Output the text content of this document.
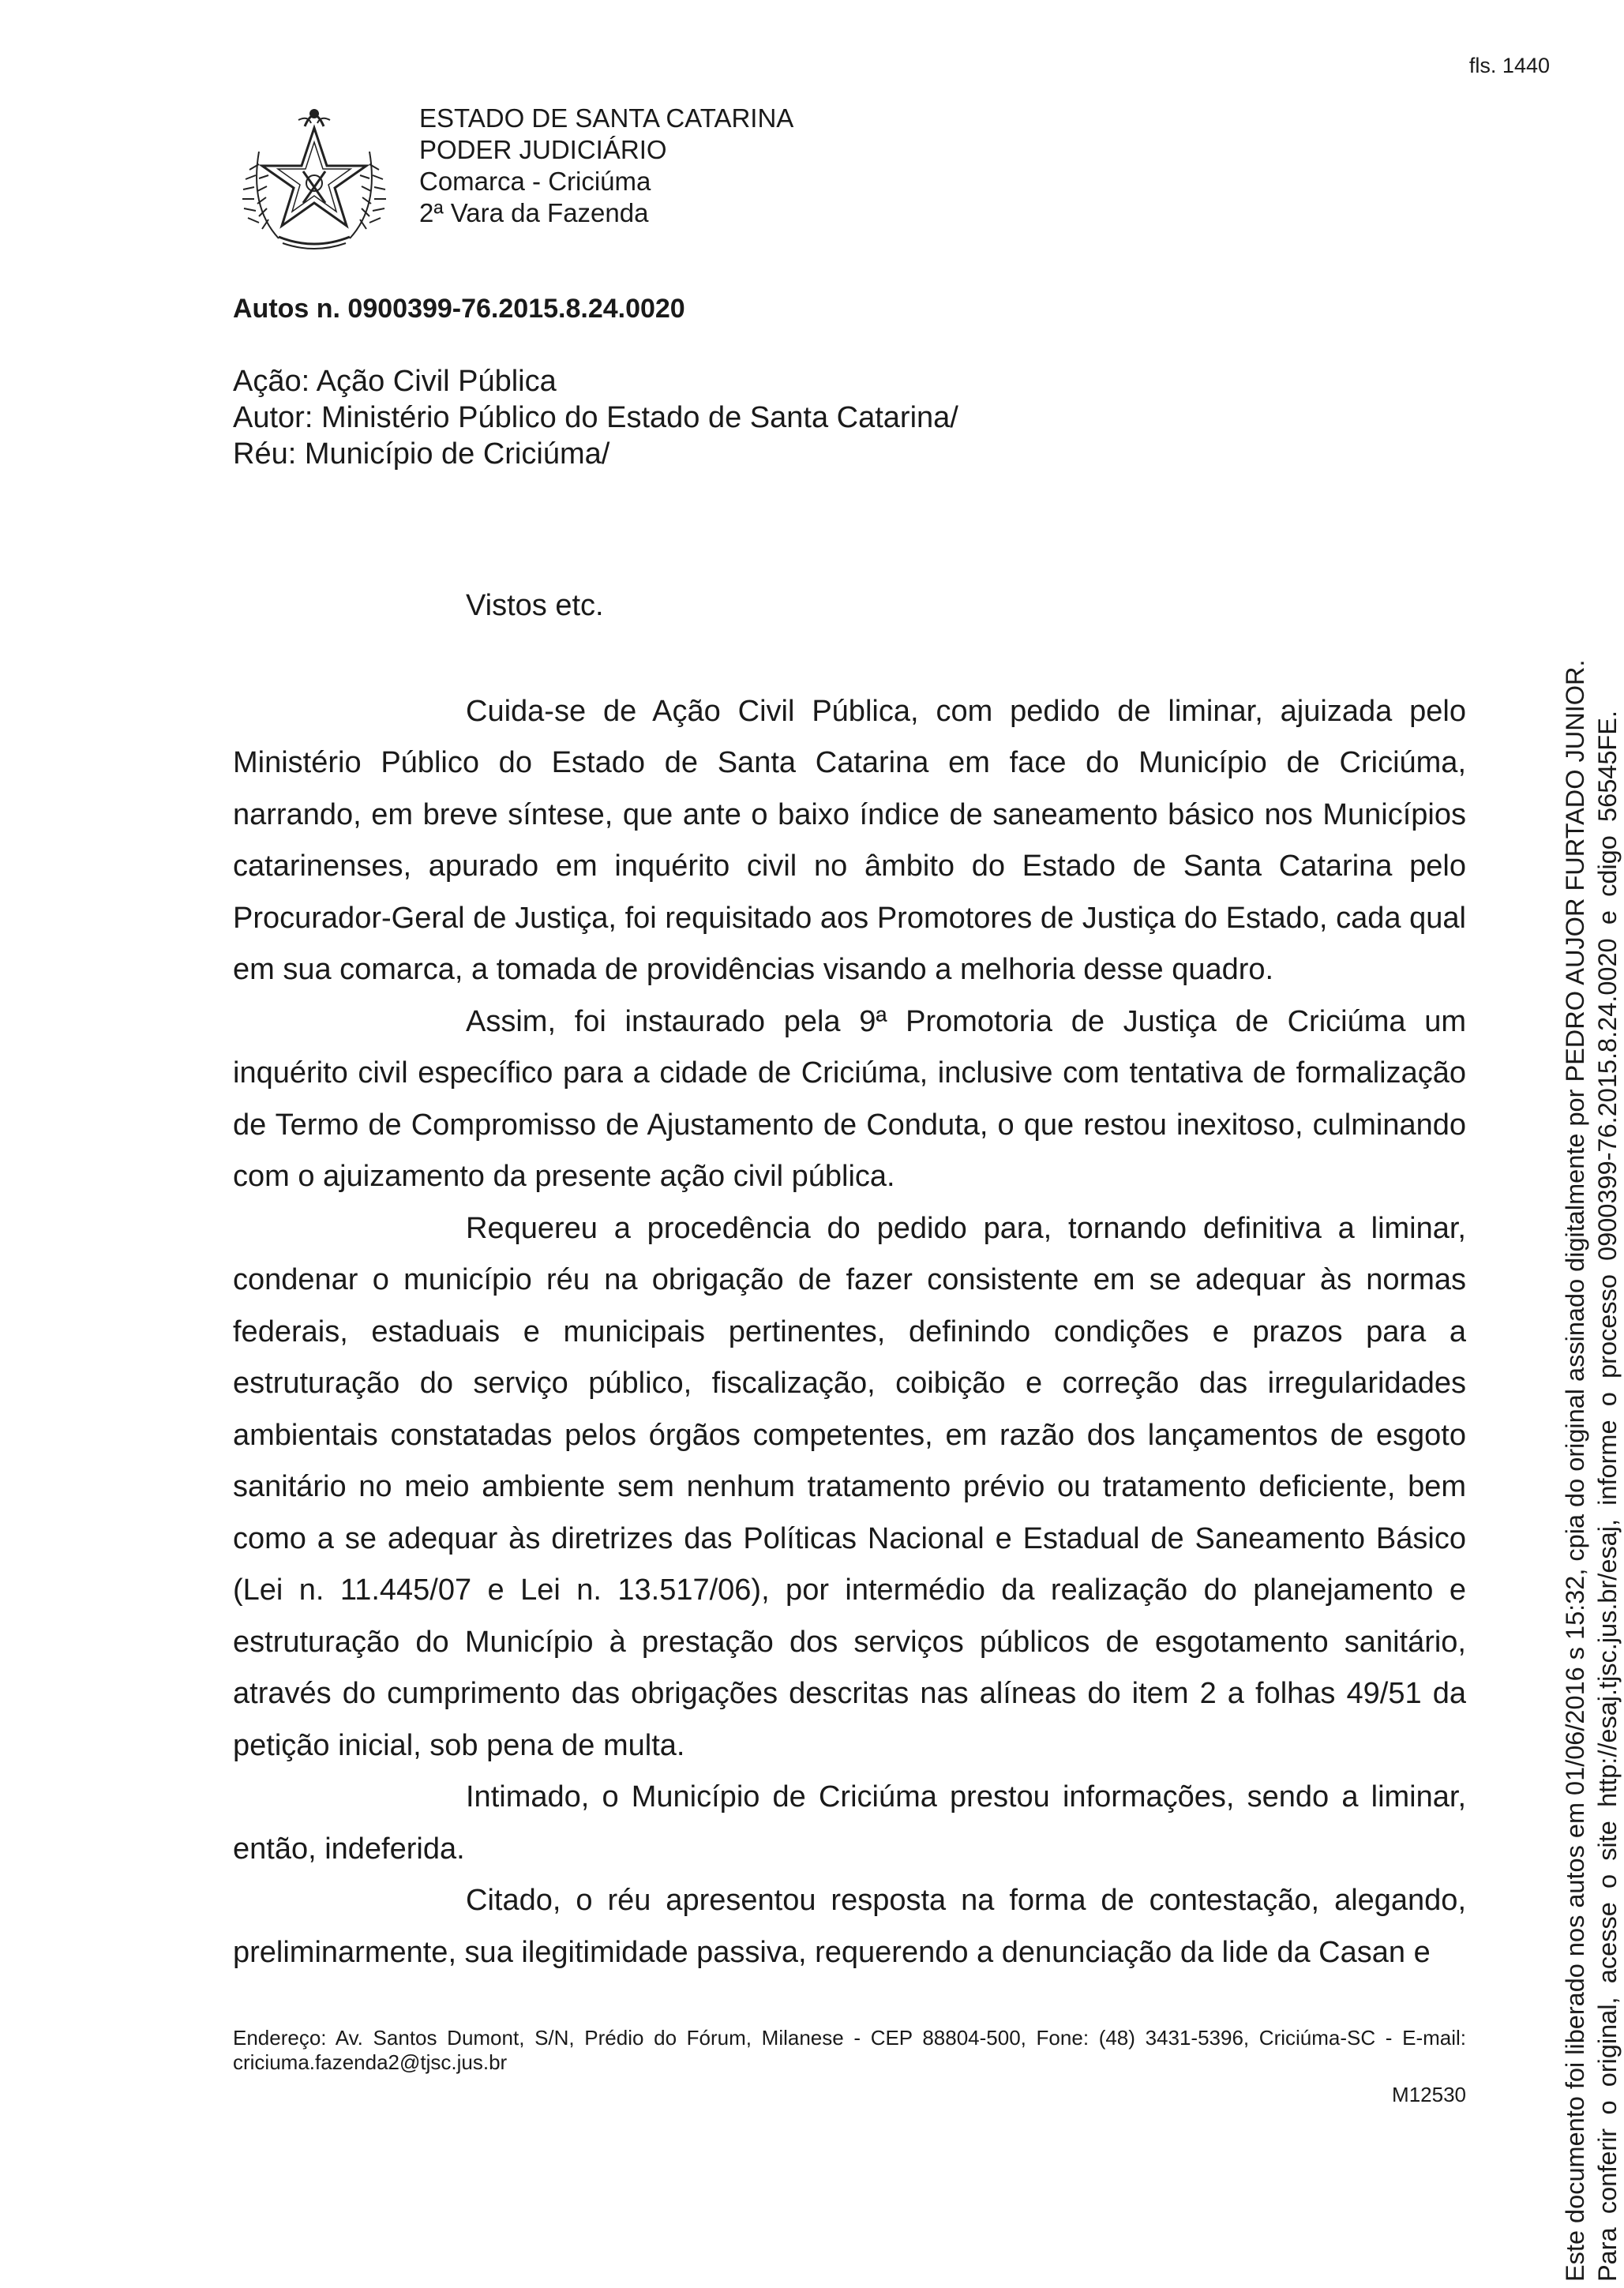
fls. 1440
ESTADO DE SANTA CATARINA
PODER JUDICIÁRIO
Comarca - Criciúma
2ª Vara da Fazenda
Autos n. 0900399-76.2015.8.24.0020
Ação: Ação Civil Pública
Autor: Ministério Público do Estado de Santa Catarina/
Réu: Município de Criciúma/

Vistos etc.

Cuida-se de Ação Civil Pública, com pedido de liminar, ajuizada pelo Ministério Público do Estado de Santa Catarina em face do Município de Criciúma, narrando, em breve síntese, que ante o baixo índice de saneamento básico nos Municípios catarinenses, apurado em inquérito civil no âmbito do Estado de Santa Catarina pelo Procurador-Geral de Justiça, foi requisitado aos Promotores de Justiça do Estado, cada qual em sua comarca, a tomada de providências visando a melhoria desse quadro.

Assim, foi instaurado pela 9ª Promotoria de Justiça de Criciúma um inquérito civil específico para a cidade de Criciúma, inclusive com tentativa de formalização de Termo de Compromisso de Ajustamento de Conduta, o que restou inexitoso, culminando com o ajuizamento da presente ação civil pública.

Requereu a procedência do pedido para, tornando definitiva a liminar, condenar o município réu na obrigação de fazer consistente em se adequar às normas federais, estaduais e municipais pertinentes, definindo condições e prazos para a estruturação do serviço público, fiscalização, coibição e correção das irregularidades ambientais constatadas pelos órgãos competentes, em razão dos lançamentos de esgoto sanitário no meio ambiente sem nenhum tratamento prévio ou tratamento deficiente, bem como a se adequar às diretrizes das Políticas Nacional e Estadual de Saneamento Básico (Lei n. 11.445/07 e Lei n. 13.517/06), por intermédio da realização do planejamento e estruturação do Município à prestação dos serviços públicos de esgotamento sanitário, através do cumprimento das obrigações descritas nas alíneas do item 2 a folhas 49/51 da petição inicial, sob pena de multa.

Intimado, o Município de Criciúma prestou informações, sendo a liminar, então, indeferida.

Citado, o réu apresentou resposta na forma de contestação, alegando, preliminarmente, sua ilegitimidade passiva, requerendo a denunciação da lide da Casan e

Endereço: Av. Santos Dumont, S/N, Prédio do Fórum, Milanese - CEP 88804-500, Fone: (48) 3431-5396, Criciúma-SC - E-mail: criciuma.fazenda2@tjsc.jus.br
M12530	Este documento foi liberado nos autos em 01/06/2016 s 15:32, cpia do original assinado digitalmente por PEDRO AUJOR FURTADO JUNIOR. Para conferir o original, acesse o site http://esaj.tjsc.jus.br/esaj, informe o processo 0900399-76.2015.8.24.0020 e cdigo 56545FE.
